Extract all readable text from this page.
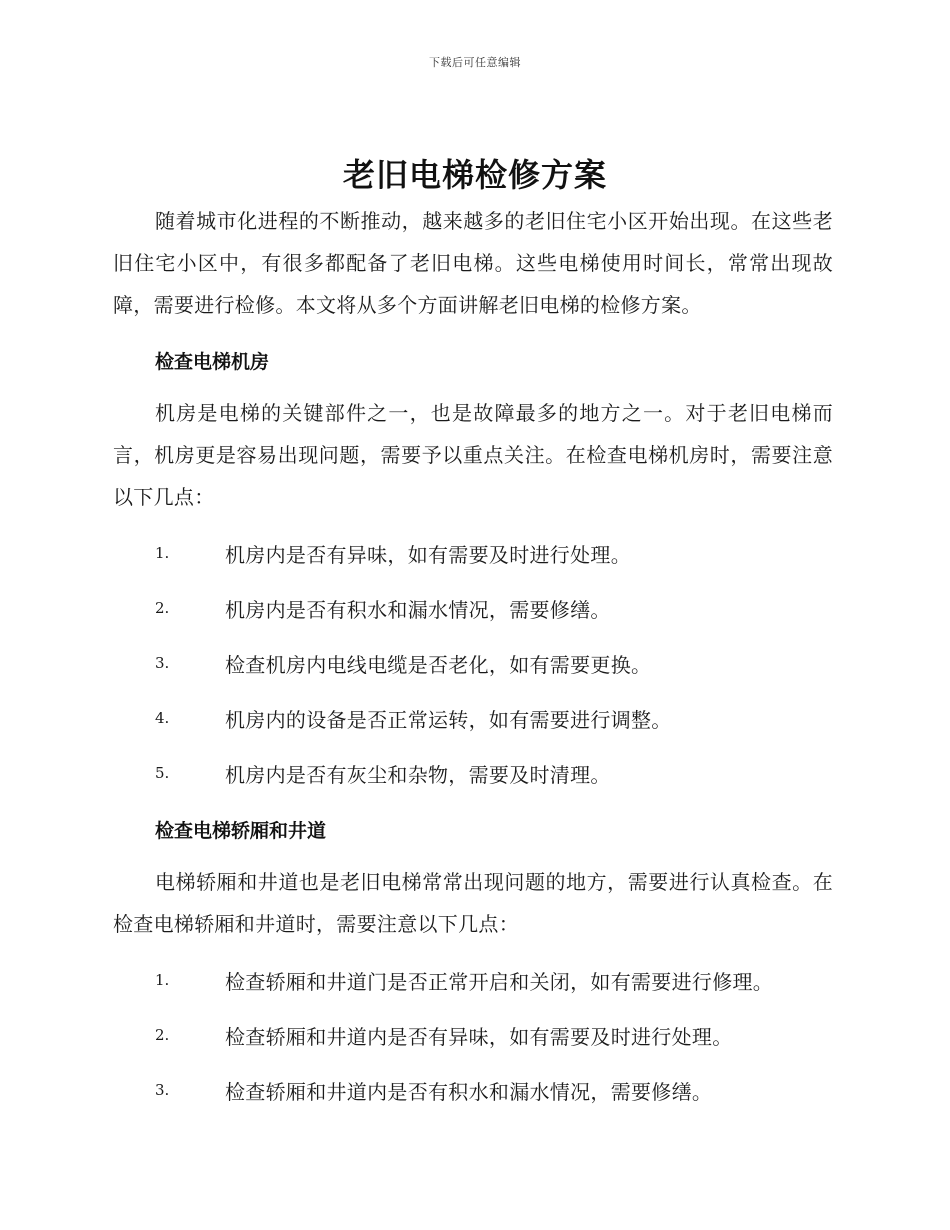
下载后可任意编辑
老旧电梯检修方案
随着城市化进程的不断推动，越来越多的老旧住宅小区开始出现。在这些老旧住宅小区中，有很多都配备了老旧电梯。这些电梯使用时间长，常常出现故障，需要进行检修。本文将从多个方面讲解老旧电梯的检修方案。
检查电梯机房
机房是电梯的关键部件之一，也是故障最多的地方之一。对于老旧电梯而言，机房更是容易出现问题，需要予以重点关注。在检查电梯机房时，需要注意以下几点：
1.	机房内是否有异味，如有需要及时进行处理。
2.	机房内是否有积水和漏水情况，需要修缮。
3.	检查机房内电线电缆是否老化，如有需要更换。
4.	机房内的设备是否正常运转，如有需要进行调整。
5.	机房内是否有灰尘和杂物，需要及时清理。
检查电梯轿厢和井道
电梯轿厢和井道也是老旧电梯常常出现问题的地方，需要进行认真检查。在检查电梯轿厢和井道时，需要注意以下几点：
1.	检查轿厢和井道门是否正常开启和关闭，如有需要进行修理。
2.	检查轿厢和井道内是否有异味，如有需要及时进行处理。
3.	检查轿厢和井道内是否有积水和漏水情况，需要修缮。
